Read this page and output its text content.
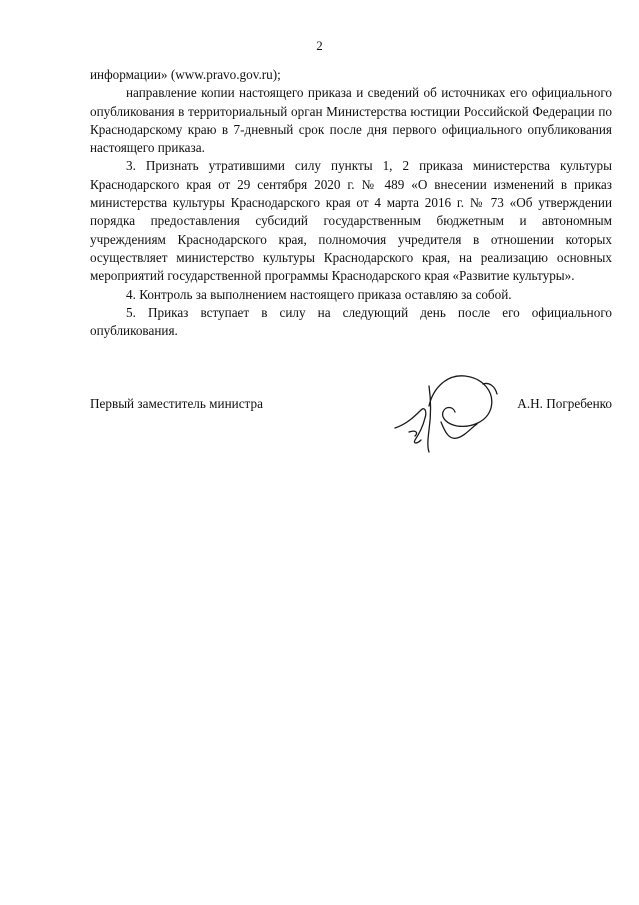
2

информации» (www.pravo.gov.ru);

направление копии настоящего приказа и сведений об источниках его официального опубликования в территориальный орган Министерства юстиции Российской Федерации по Краснодарскому краю в 7-дневный срок после дня первого официального опубликования настоящего приказа.

3. Признать утратившими силу пункты 1, 2 приказа министерства культуры Краснодарского края от 29 сентября 2020 г. № 489 «О внесении изменений в приказ министерства культуры Краснодарского края от 4 марта 2016 г. № 73 «Об утверждении порядка предоставления субсидий государственным бюджетным и автономным учреждениям Краснодарского края, полномочия учредителя в отношении которых осуществляет министерство культуры Краснодарского края, на реализацию основных мероприятий государственной программы Краснодарского края «Развитие культуры».

4. Контроль за выполнением настоящего приказа оставляю за собой.

5. Приказ вступает в силу на следующий день после его официального опубликования.

Первый заместитель министра	А.Н. Погребенко
